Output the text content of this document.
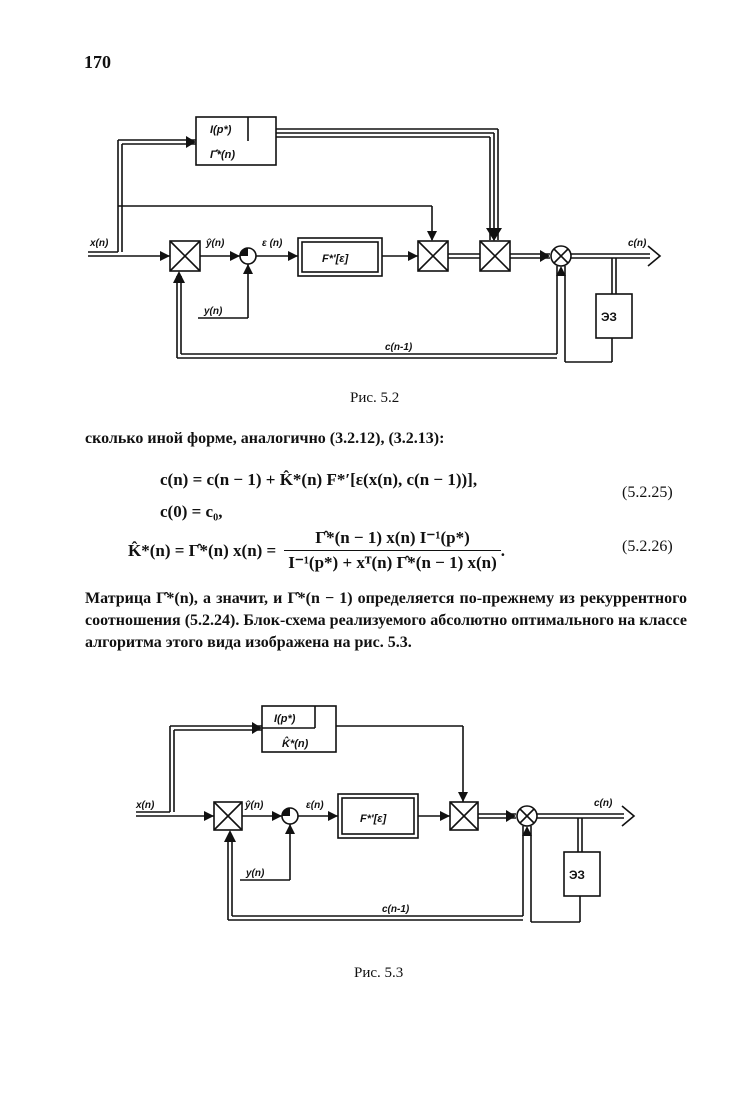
170
I(p*)
Γ̂*(n)
x(n)	ŷ(n)	ε (n)
F*′[ε]
c(n)
y(n)	ЭЗ
c(n-1)
Рис. 5.2
сколько иной форме, аналогично (3.2.12), (3.2.13):
c(n) = c(n − 1) + K̂*(n) F*′[ε(x(n), c(n − 1))],
c(0) = c₀,
(5.2.25)
K̂*(n) = Γ̂*(n) $x(n) = \frac{\text{Γ̂*(n − 1) x(n) I⁻¹(p*)}}{\text{I⁻¹(p*) + xᵀ(n) Γ̂*(n − 1) x(n)}}$ .	(5.2.26)
Матрица Γ̂*(n), а значит, и Γ̂*(n − 1) определяется по-прежнему из рекуррентного соотношения (5.2.24). Блок-схема реализуемого абсолютно оптимального на классе алгоритма этого вида изображена на рис. 5.3.
I(p*)
K̂*(n)
x(n)	ŷ(n)	ε(n)
F*′[ε]
c(n)
y(n)	ЭЗ
c(n-1)
Рис. 5.3
